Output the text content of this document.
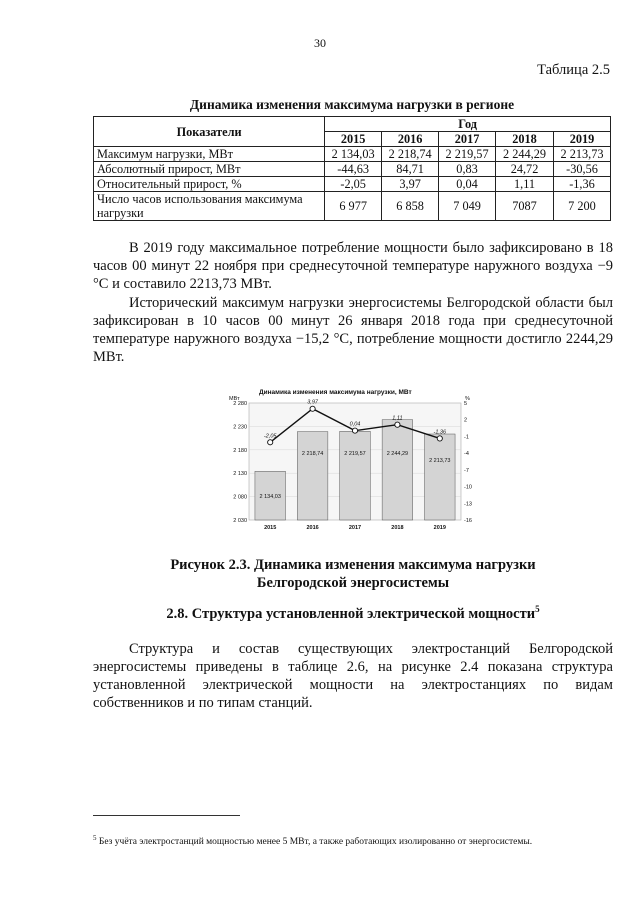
30
Таблица 2.5
Динамика изменения максимума нагрузки в регионе
Показатели	Год				
	2015	2016	2017	2018	2019
Максимум нагрузки, МВт	2 134,03	2 218,74	2 219,57	2 244,29	2 213,73
Абсолютный прирост, МВт	-44,63	84,71	0,83	24,72	-30,56
Относительный прирост, %	-2,05	3,97	0,04	1,11	-1,36
Число часов использования максимума нагрузки	6 977	6 858	7 049	7087	7 200

В 2019 году максимальное потребление мощности было зафиксировано в 18 часов 00 минут 22 ноября при среднесуточной температуре наружного воздуха −9 °С и составило 2213,73 МВт.

Исторический максимум нагрузки энергосистемы Белгородской области был зафиксирован в 10 часов 00 минут 26 января 2018 года при среднесуточной температуре наружного воздуха −15,2 °С, потребление мощности достигло 2244,29 МВт.

Динамика изменения максимума нагрузки, МВт
МВт	%
2 030
2 080
2 130
2 180
2 230
2 280	5
2
-1
-4
-7
-10
-13
-16
2 134,03
2 218,74	2 219,57	2 244,29
2 213,73
-2,05
3,97
0,04
1,11
-1,36
2015	2016	2017	2018	2019
Рисунок 2.3. Динамика изменения максимума нагрузки
Белгородской энергосистемы
2.8. Структура установленной электрической мощности$^5$

Структура и состав существующих электростанций Белгородской энергосистемы приведены в таблице 2.6, на рисунке 2.4 показана структура установленной электрической мощности на электростанциях по видам собственников и по типам станций.

$^5$ Без учёта электростанций мощностью менее 5 МВт, а также работающих изолированно от энергосистемы.
